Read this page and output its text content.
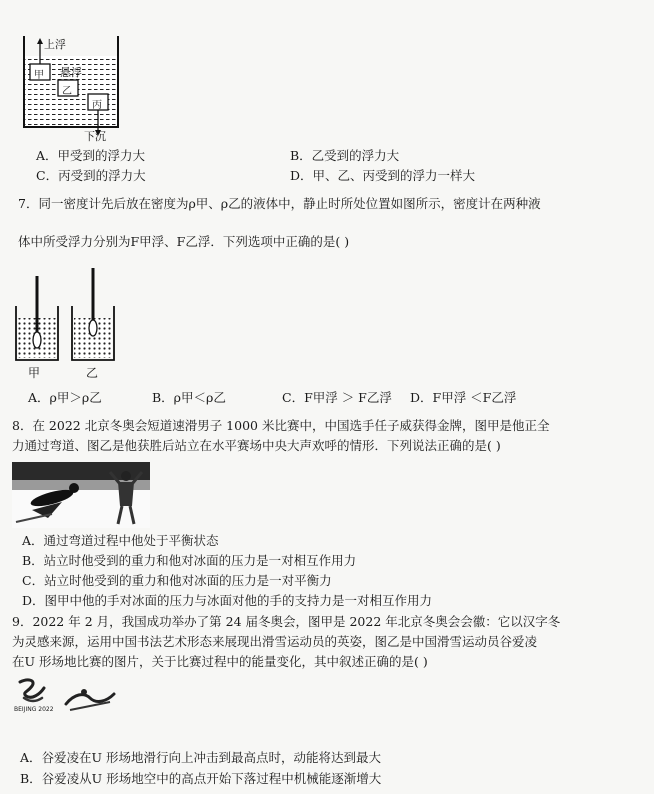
上浮
悬浮
下沉
甲
乙
丙
A．甲受到的浮力大	B．乙受到的浮力大
C．丙受到的浮力大	D．甲、乙、丙受到的浮力一样大
7．同一密度计先后放在密度为ρ甲、ρ乙的液体中，静止时所处位置如图所示，密度计在两种液
体中所受浮力分别为F甲浮、F乙浮．下列选项中正确的是( )
甲	乙
A．ρ甲＞ρ乙	B．ρ甲＜ρ乙	C．F甲浮 ＞ F乙浮 D．F甲浮 ＜F乙浮
8．在 2022 北京冬奥会短道速滑男子 1000 米比赛中，中国选手任子威获得金牌，图甲是他正全
力通过弯道、图乙是他获胜后站立在水平赛场中央大声欢呼的情形．下列说法正确的是( )
A．通过弯道过程中他处于平衡状态
B．站立时他受到的重力和他对冰面的压力是一对相互作用力
C．站立时他受到的重力和他对冰面的压力是一对平衡力
D．图甲中他的手对冰面的压力与冰面对他的手的支持力是一对相互作用力
9．2022 年 2 月，我国成功举办了第 24 届冬奥会，图甲是 2022 年北京冬奥会会徽：它以汉字冬
为灵感来源，运用中国书法艺术形态来展现出滑雪运动员的英姿，图乙是中国滑雪运动员谷爱凌
在U 形场地比赛的图片，关于比赛过程中的能量变化，其中叙述正确的是( )
BEIJING 2022
A．谷爱凌在U 形场地滑行向上冲击到最高点时，动能将达到最大
B．谷爱凌从U 形场地空中的高点开始下落过程中机械能逐渐增大
